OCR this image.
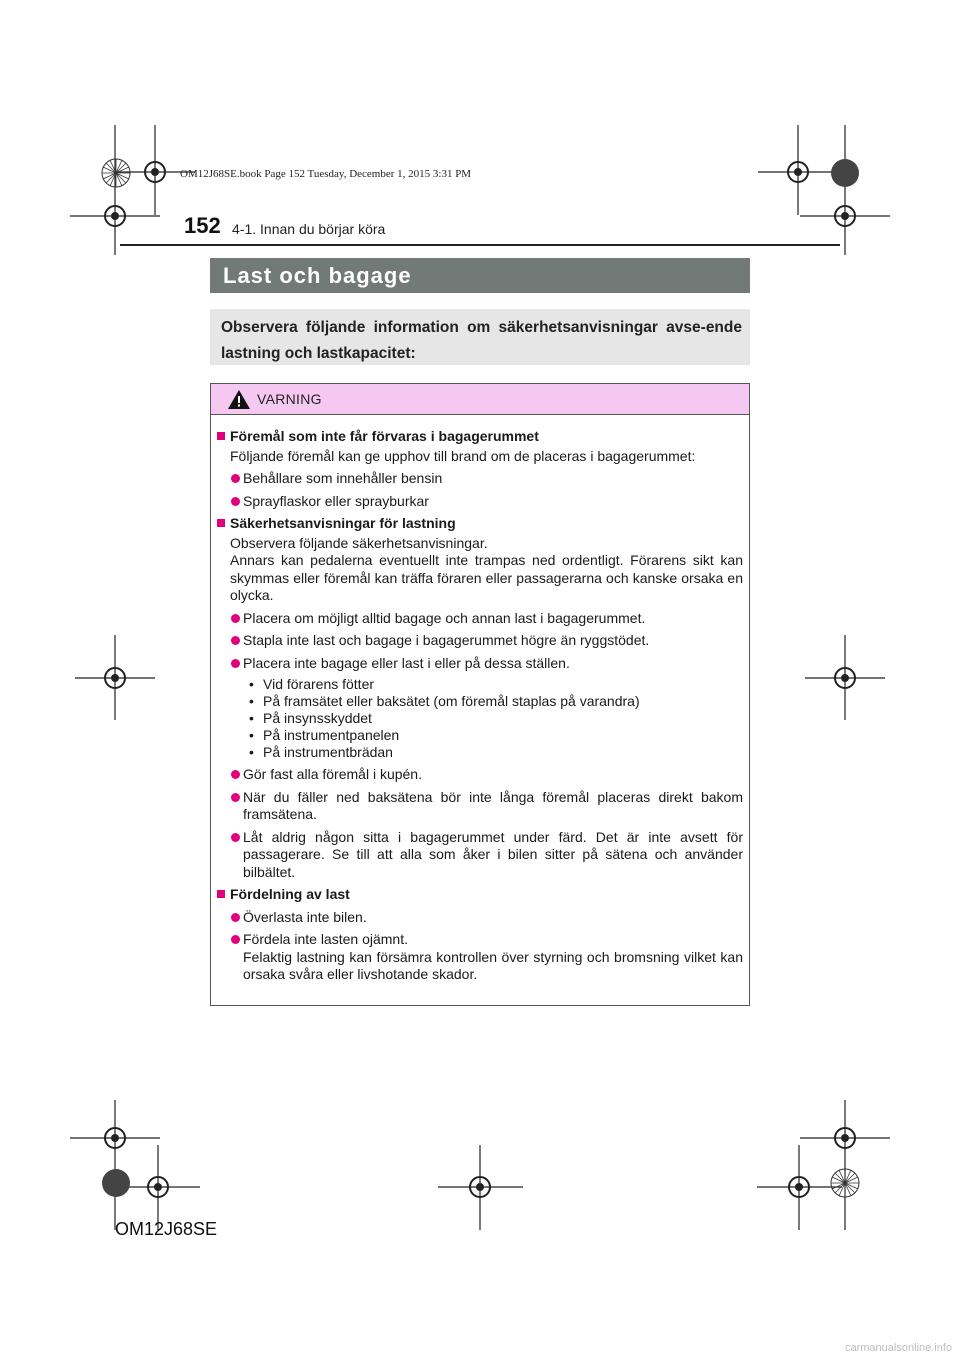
OM12J68SE.book Page 152 Tuesday, December 1, 2015 3:31 PM
152 4-1. Innan du börjar köra
Last och bagage
Observera följande information om säkerhetsanvisningar avse-ende lastning och lastkapacitet:
VARNING
Föremål som inte får förvaras i bagagerummet
Följande föremål kan ge upphov till brand om de placeras i bagagerummet:
Behållare som innehåller bensin
Sprayflaskor eller sprayburkar
Säkerhetsanvisningar för lastning
Observera följande säkerhetsanvisningar.
Annars kan pedalerna eventuellt inte trampas ned ordentligt. Förarens sikt kan skymmas eller föremål kan träffa föraren eller passagerarna och kanske orsaka en olycka.
Placera om möjligt alltid bagage och annan last i bagagerummet.
Stapla inte last och bagage i bagagerummet högre än ryggstödet.
Placera inte bagage eller last i eller på dessa ställen.
• Vid förarens fötter
• På framsätet eller baksätet (om föremål staplas på varandra)
• På insynsskyddet
• På instrumentpanelen
• På instrumentbrädan
Gör fast alla föremål i kupén.
När du fäller ned baksätena bör inte långa föremål placeras direkt bakom framsätena.
Låt aldrig någon sitta i bagagerummet under färd. Det är inte avsett för passagerare. Se till att alla som åker i bilen sitter på sätena och använder bilbältet.
Fördelning av last
Överlasta inte bilen.
Fördela inte lasten ojämnt.
Felaktig lastning kan försämra kontrollen över styrning och bromsning vilket kan orsaka svåra eller livshotande skador.
OM12J68SE
carmanualsonline.info
